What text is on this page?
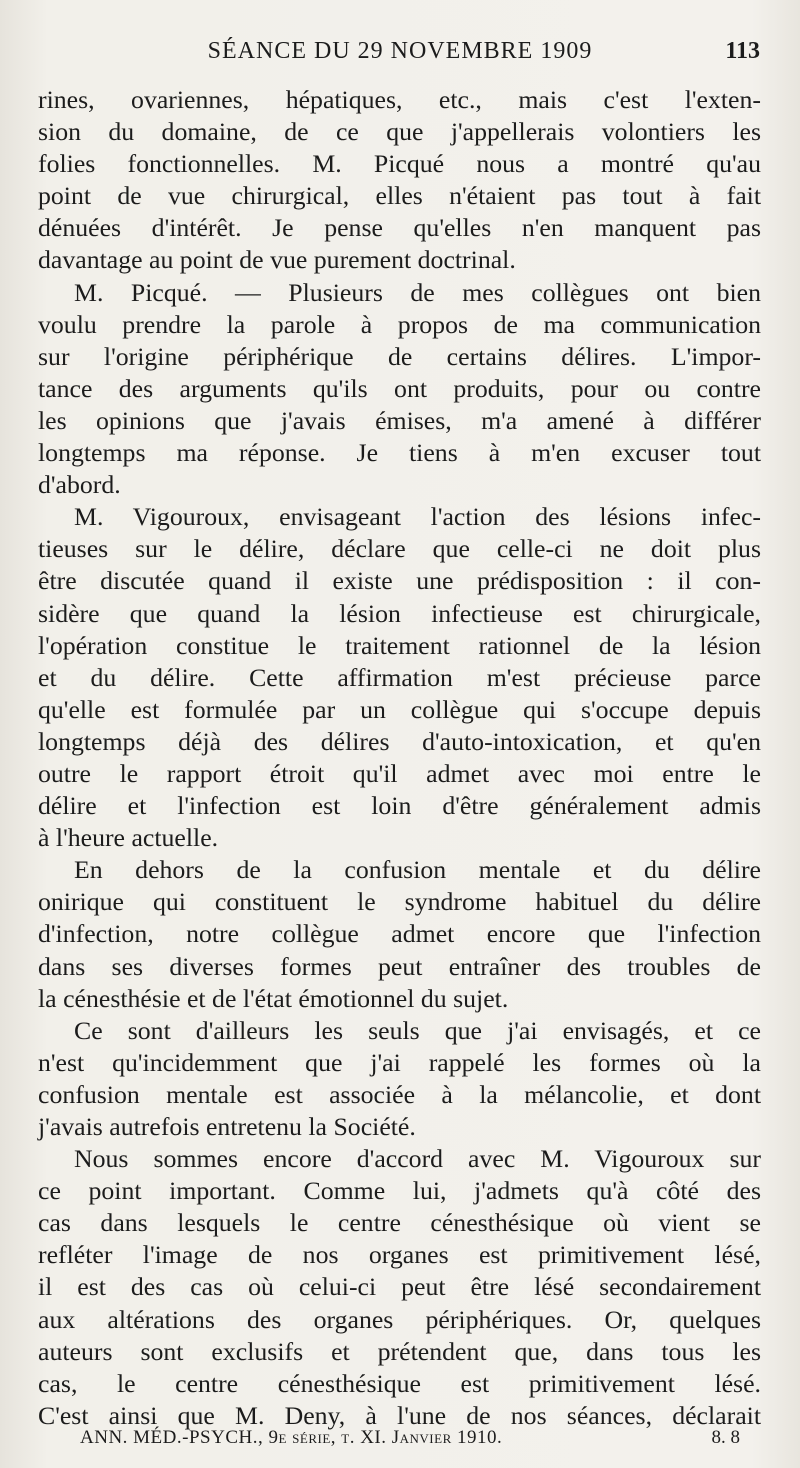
SÉANCE DU 29 NOVEMBRE 1909	113
rines, ovariennes, hépatiques, etc., mais c'est l'exten-
sion du domaine, de ce que j'appellerais volontiers les
folies fonctionnelles. M. Picqué nous a montré qu'au
point de vue chirurgical, elles n'étaient pas tout à fait
dénuées d'intérêt. Je pense qu'elles n'en manquent pas
davantage au point de vue purement doctrinal.
M. Picqué. — Plusieurs de mes collègues ont bien
voulu prendre la parole à propos de ma communication
sur l'origine périphérique de certains délires. L'impor-
tance des arguments qu'ils ont produits, pour ou contre
les opinions que j'avais émises, m'a amené à différer
longtemps ma réponse. Je tiens à m'en excuser tout
d'abord.
M. Vigouroux, envisageant l'action des lésions infec-
tieuses sur le délire, déclare que celle-ci ne doit plus
être discutée quand il existe une prédisposition : il con-
sidère que quand la lésion infectieuse est chirurgicale,
l'opération constitue le traitement rationnel de la lésion
et du délire. Cette affirmation m'est précieuse parce
qu'elle est formulée par un collègue qui s'occupe depuis
longtemps déjà des délires d'auto-intoxication, et qu'en
outre le rapport étroit qu'il admet avec moi entre le
délire et l'infection est loin d'être généralement admis
à l'heure actuelle.
En dehors de la confusion mentale et du délire
onirique qui constituent le syndrome habituel du délire
d'infection, notre collègue admet encore que l'infection
dans ses diverses formes peut entraîner des troubles de
la cénesthésie et de l'état émotionnel du sujet.
Ce sont d'ailleurs les seuls que j'ai envisagés, et ce
n'est qu'incidemment que j'ai rappelé les formes où la
confusion mentale est associée à la mélancolie, et dont
j'avais autrefois entretenu la Société.
Nous sommes encore d'accord avec M. Vigouroux sur
ce point important. Comme lui, j'admets qu'à côté des
cas dans lesquels le centre cénesthésique où vient se
refléter l'image de nos organes est primitivement lésé,
il est des cas où celui-ci peut être lésé secondairement
aux altérations des organes périphériques. Or, quelques
auteurs sont exclusifs et prétendent que, dans tous les
cas, le centre cénesthésique est primitivement lésé.
C'est ainsi que M. Deny, à l'une de nos séances, déclarait
ANN. MÉD.-PSYCH., 9e série, t. XI. Janvier 1910.	8. 8
